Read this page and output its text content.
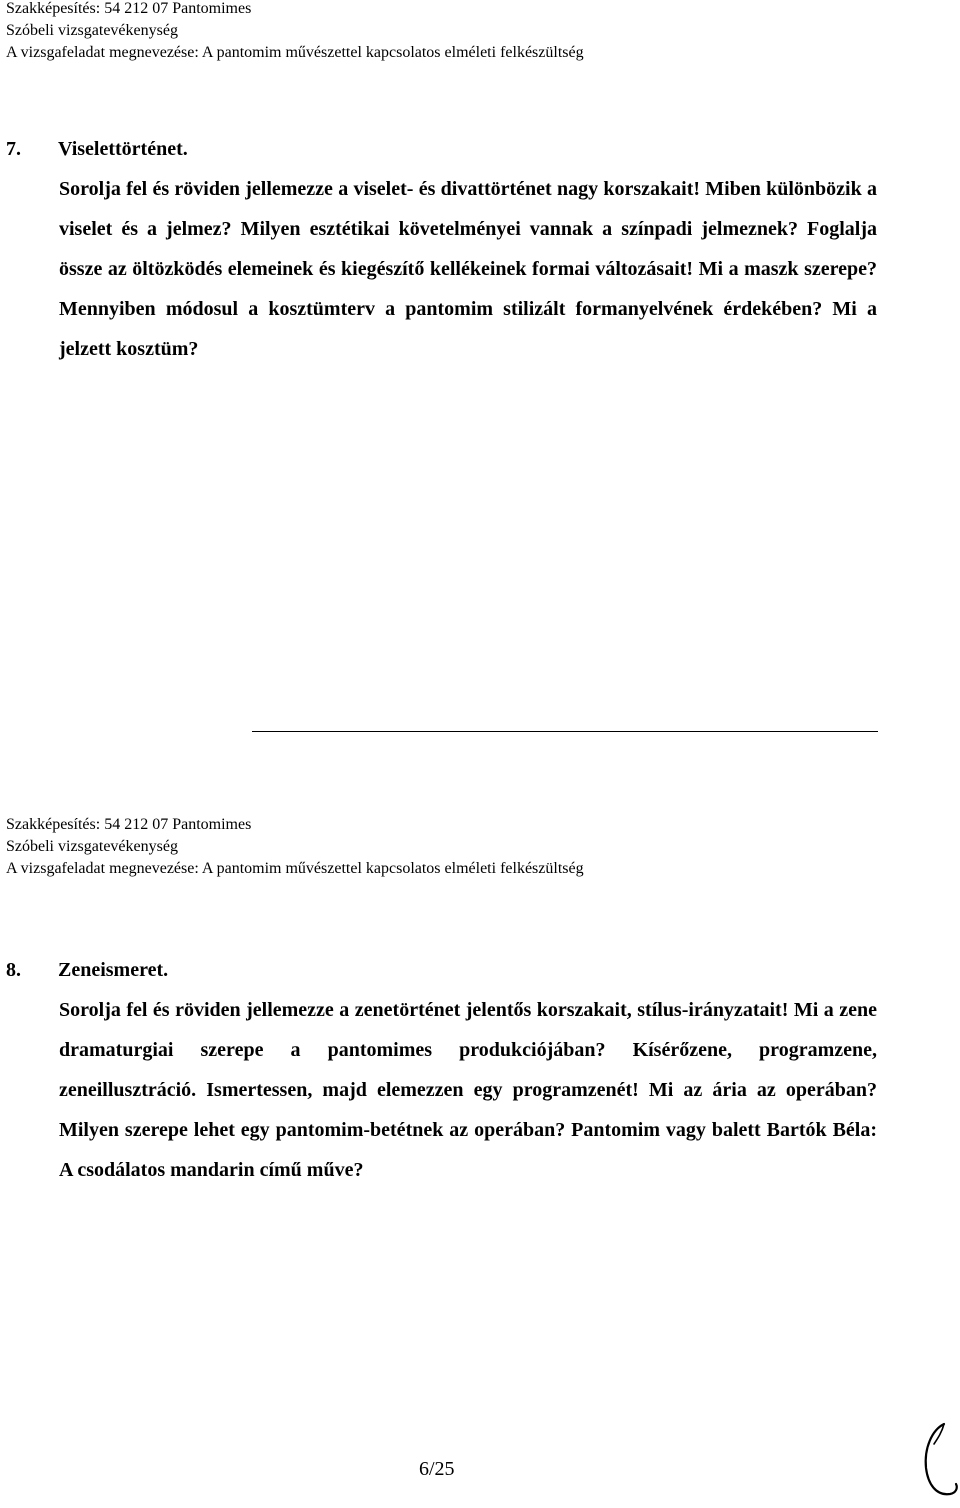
Szakképesítés: 54 212 07 Pantomimes
Szóbeli vizsgatevékenység
A vizsgafeladat megnevezése: A pantomim művészettel kapcsolatos elméleti felkészültség
7. Viselettörténet.
Sorolja fel és röviden jellemezze a viselet- és divattörténet nagy korszakait! Miben különbözik a viselet és a jelmez? Milyen esztétikai követelményei vannak a színpadi jelmeznek? Foglalja össze az öltözködés elemeinek és kiegészítő kellékeinek formai változásait! Mi a maszk szerepe? Mennyiben módosul a kosztümterv a pantomim stilizált formanyelvének érdekében? Mi a jelzett kosztüm?
Szakképesítés: 54 212 07 Pantomimes
Szóbeli vizsgatevékenység
A vizsgafeladat megnevezése: A pantomim művészettel kapcsolatos elméleti felkészültség
8. Zeneismeret.
Sorolja fel és röviden jellemezze a zenetörténet jelentős korszakait, stílus-irányzatait! Mi a zene dramaturgiai szerepe a pantomimes produkciójában? Kísérőzene, programzene, zeneillusztráció. Ismertessen, majd elemezzen egy programzenét! Mi az ária az operában? Milyen szerepe lehet egy pantomim-betétnek az operában? Pantomim vagy balett Bartók Béla: A csodálatos mandarin című műve?
6/25
